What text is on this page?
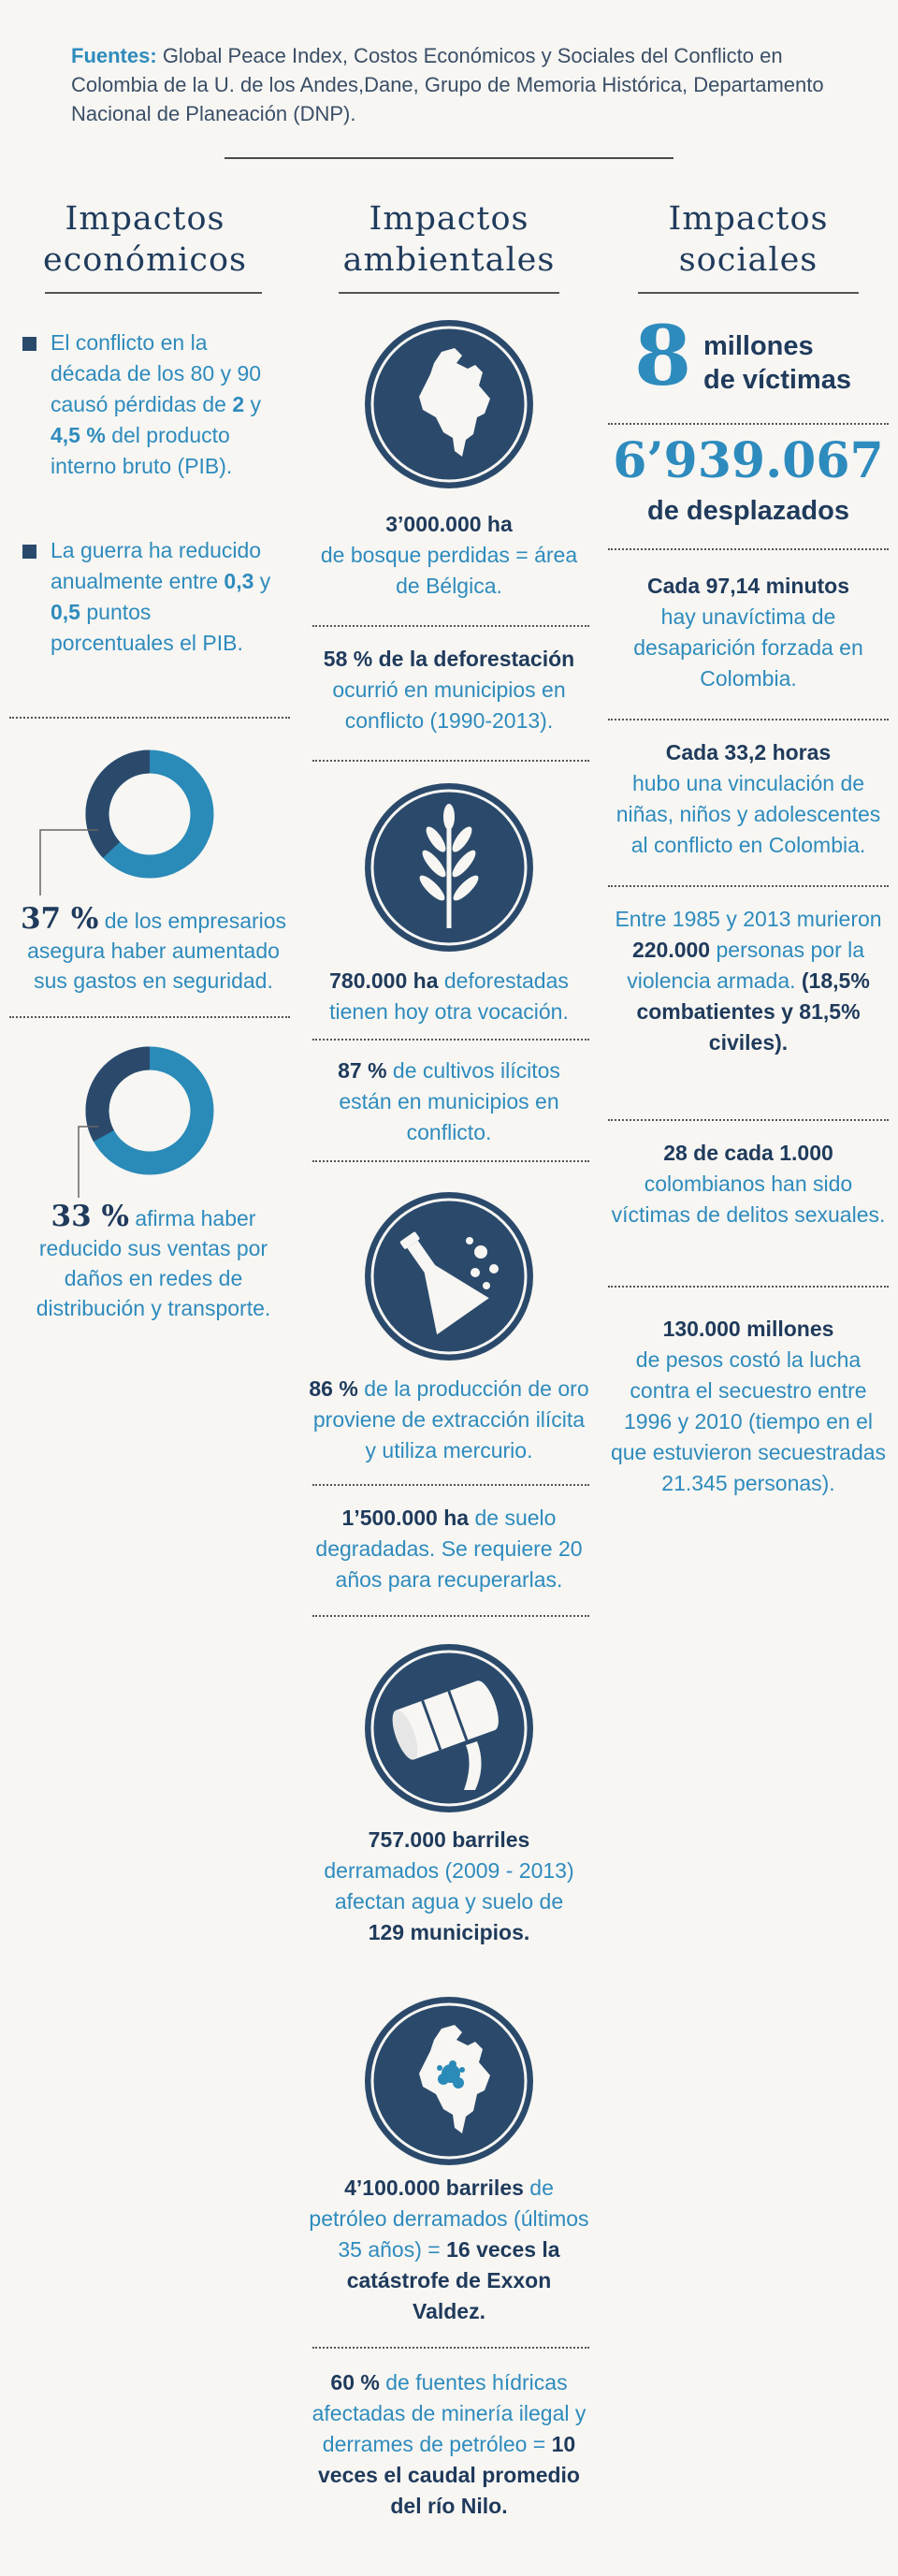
Fuentes: Global Peace Index, Costos Económicos y Sociales del Conflicto en Colombia de la U. de los Andes,Dane, Grupo de Memoria Histórica, Departamento Nacional de Planeación (DNP).
Impactos
económicos
Impactos
ambientales
Impactos
sociales
El conflicto en la década de los 80 y 90 causó pérdidas de 2 y 4,5 % del producto interno bruto (PIB).
La guerra ha reducido anualmente entre 0,3 y 0,5 puntos porcentuales el PIB.
37 % de los empresarios asegura haber aumentado sus gastos en seguridad.
33 % afirma haber reducido sus ventas por daños en redes de distribución y transporte.
3’000.000 ha
de bosque perdidas = área de Bélgica.
58 % de la deforestación ocurrió en municipios en conflicto (1990-2013).
780.000 ha deforestadas tienen hoy otra vocación.
87 % de cultivos ilícitos están en municipios en conflicto.
86 % de la producción de oro proviene de extracción ilícita y utiliza mercurio.
1’500.000 ha de suelo degradadas. Se requiere 20 años para recuperarlas.
757.000 barriles
derramados (2009 - 2013) afectan agua y suelo de
129 municipios.
4’100.000 barriles de petróleo derramados (últimos 35 años) = 16 veces la catástrofe de Exxon Valdez.
60 % de fuentes hídricas afectadas de minería ilegal y derrames de petróleo = 10 veces el caudal promedio del río Nilo.
8 millones
de víctimas
6’939.067
de desplazados
Cada 97,14 minutos
hay unavíctima de desaparición forzada en Colombia.
Cada 33,2 horas
hubo una vinculación de niñas, niños y adolescentes al conflicto en Colombia.
Entre 1985 y 2013 murieron 220.000 personas por la violencia armada. (18,5% combatientes y 81,5% civiles).
28 de cada 1.000
colombianos han sido víctimas de delitos sexuales.
130.000 millones
de pesos costó la lucha contra el secuestro entre 1996 y 2010 (tiempo en el que estuvieron secuestradas 21.345 personas).
